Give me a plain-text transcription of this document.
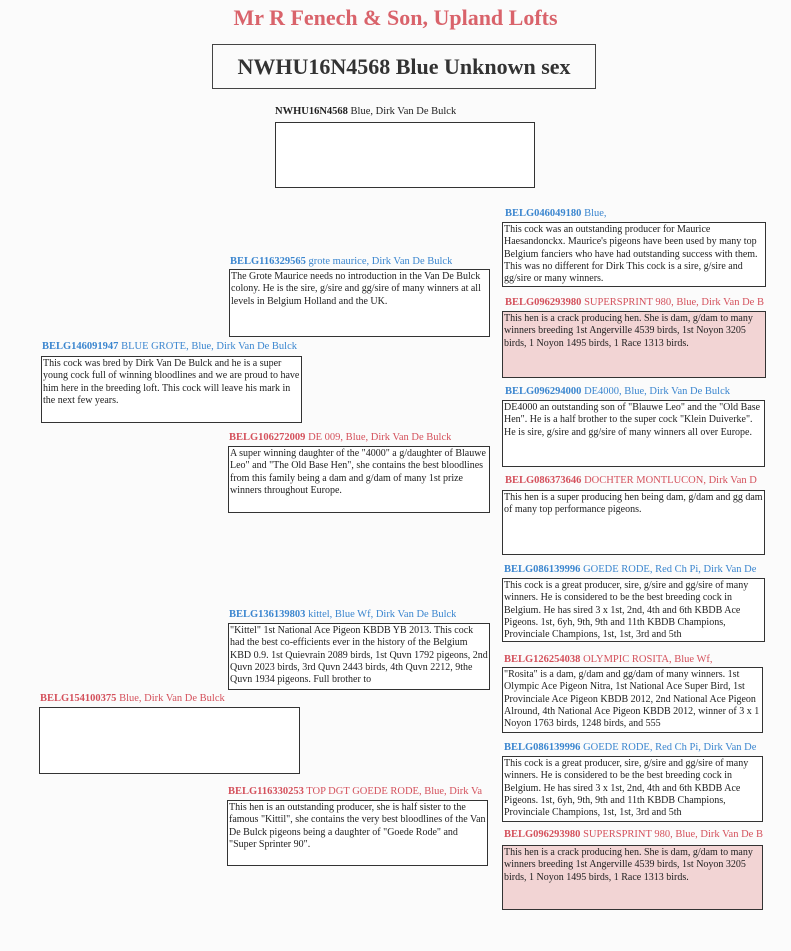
Mr R Fenech & Son, Upland Lofts
NWHU16N4568 Blue Unknown sex
NWHU16N4568 Blue, Dirk Van De Bulck
BELG046049180 Blue,
This cock was an outstanding producer for Maurice Haesandonckx. Maurice's pigeons have been used by many top Belgium fanciers who have had outstanding success with them. This was no different for Dirk This cock is a sire, g/sire and gg/sire or many winners.
BELG096293980 SUPERSPRINT 980, Blue, Dirk Van De B
This hen is a crack producing hen. She is dam, g/dam to many winners breeding 1st Angerville 4539 birds, 1st Noyon 3205 birds, 1 Noyon 1495 birds, 1 Race 1313 birds.
BELG116329565 grote maurice, Dirk Van De Bulck
The Grote Maurice needs no introduction in the Van De Bulck colony. He is the sire, g/sire and gg/sire of many winners at all levels in Belgium Holland and the UK.
BELG146091947 BLUE GROTE, Blue, Dirk Van De Bulck
This cock was bred by Dirk Van De Bulck and he is a super young cock full of winning bloodlines and we are proud to have him here in the breeding loft. This cock will leave his mark in the next few years.
BELG106272009 DE 009, Blue, Dirk Van De Bulck
A super winning daughter of the "4000" a g/daughter of Blauwe Leo" and "The Old Base Hen", she contains the best bloodlines from this family being a dam and g/dam of many 1st prize winners throughout Europe.
BELG096294000 DE4000, Blue, Dirk Van De Bulck
DE4000 an outstanding son of "Blauwe Leo" and the "Old Base Hen". He is a half brother to the super cock "Klein Duiverke". He is sire, g/sire and gg/sire of many winners all over Europe.
BELG086373646 DOCHTER MONTLUCON, Dirk Van D
This hen is a super producing hen being dam, g/dam and gg dam of many top performance pigeons.
BELG086139996 GOEDE RODE, Red Ch Pi, Dirk Van De
This cock is a great producer, sire, g/sire and gg/sire of many winners. He is considered to be the best breeding cock in Belgium. He has sired 3 x 1st, 2nd, 4th and 6th KBDB Ace Pigeons. 1st, 6yh, 9th, 9th and 11th KBDB Champions, Provinciale Champions, 1st, 1st, 3rd and 5th
BELG126254038 OLYMPIC ROSITA, Blue Wf,
"Rosita" is a dam, g/dam and gg/dam of many winners. 1st Olympic Ace Pigeon Nitra, 1st National Ace Super Bird, 1st Provinciale Ace Pigeon KBDB 2012, 2nd National Ace Pigeon Alround, 4th National Ace Pigeon KBDB 2012, winner of 3 x 1 Noyon 1763 birds, 1248 birds, and 555
BELG136139803 kittel, Blue Wf, Dirk Van De Bulck
"Kittel" 1st National Ace Pigeon KBDB YB 2013. This cock had the best co-efficients ever in the history of the Belgium KBD 0.9. 1st Quievrain 2089 birds, 1st Quvn 1792 pigeons, 2nd Quvn 2023 birds, 3rd Quvn 2443 birds, 4th Quvn 2212, 9the Quvn 1934 pigeons. Full brother to
BELG154100375 Blue, Dirk Van De Bulck
BELG116330253 TOP DGT GOEDE RODE, Blue, Dirk Va
This hen is an outstanding producer, she is half sister to the famous "Kittil", she contains the very best bloodlines of the Van De Bulck pigeons being a daughter of "Goede Rode" and "Super Sprinter 90".
BELG086139996 GOEDE RODE, Red Ch Pi, Dirk Van De
This cock is a great producer, sire, g/sire and gg/sire of many winners. He is considered to be the best breeding cock in Belgium. He has sired 3 x 1st, 2nd, 4th and 6th KBDB Ace Pigeons. 1st, 6yh, 9th, 9th and 11th KBDB Champions, Provinciale Champions, 1st, 1st, 3rd and 5th
BELG096293980 SUPERSPRINT 980, Blue, Dirk Van De B
This hen is a crack producing hen. She is dam, g/dam to many winners breeding 1st Angerville 4539 birds, 1st Noyon 3205 birds, 1 Noyon 1495 birds, 1 Race 1313 birds.
